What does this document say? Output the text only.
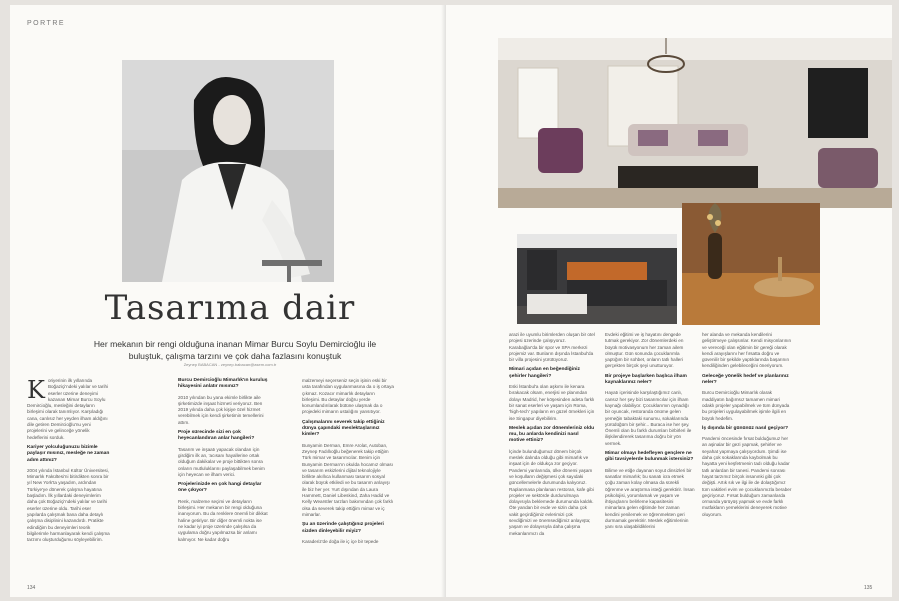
PORTRE
Tasarıma dair
Her mekanın bir rengi olduğuna inanan Mimar Burcu Soylu Demircioğlu ile buluştuk, çalışma tarzını ve çok daha fazlasını konuştuk
Zeynep BABACAN - zeynep.babacan@asem.com.tr

Koriyerinin ilk yıllarında Boğaziçi'ndeki yalılar ve tarihi eserler üzerine deneyimi kazanan Mimar Burcu Soylu Demircioğlu, mesleğini detayların birleşimi olarak tanımlıyor. Karşıladığı cana, canlısız her yeyden ilham aldığını dile getiren Demircioğlu'nu yeni projelerini ve gelinceğe yönelik hedeflerini sorduk.

Kariyer yolculuğunuzu bizimle paylaşır mısınız, mesleğe ne zaman adım attınız?

2004 yılında İstanbul Kültür Üniversitesi, Mimarlık Fakültesi'ni bitirdikten sonra bir yıl New York'ta yaşadım, ardından Türkiye'ye dönerek çalışma hayatına başladım. İlk yıllardaki deneyimlerim daha çok Boğaziçi'ndeki yalılar ve tarihi eserler üzerine oldu. Tarihi eser yapılarda çalışmak bana daha detaylı çalışma disiplinini kazandırdı. Pratikte edindiğim bu deneyimleri teorik bilgilerimle harmanlayarak kendi çalışma tarzımı oluşturduğumu söyleyebilirim.

Burcu Demircioğlu Mimarlık'ın kuruluş hikayesini anlatır mısınız?

2010 yılından bu yana ekimle birlikte aile şirketimizde inşaat hizmeti veriyoruz. Ben 2019 yılında daha çok kişiye özel hizmet verebilmek için kendi şirketimin temellerini attım.

Proje sürecinde sizi en çok heyecanlandıran anlar hangileri?

Tasarım ve inşaatı yapacak olandan için girdiğim ilk an, 'acısanı hayallerine ortak olduğum dakikalar ve proje bittikten sonra onların mutluluklarını paylaşabilmek benim için heyecan ve ilham verici.

Projelerinizde en çok hangi detaylar öne çıkıyor?

Renk, malzeme seçimi ve detayların birleşimi. Her mekanın bir rengi olduğuna inanıyorum. Bu da renklere önemli bir dikkat haline getiriyor. Bir diğer önemli nokta ise ne kadar iyi proje üzerinde çalışılsa da uygulama doğru yapılmazsa bir anlamı kalmıyor. Ne kadar doğru

malzemeyi seçerseniz seçin işinin eski bir usta tarafından uygulanmasına da o iş ortaya çıkmaz. Kozacır mimarlık detayların birleşimi. Bu detaylar doğru yerde konumlandırılarak bütüne ulaşmak da o projedeki mimarın ustalığını yansıtıyor.

Çalışmalarını severek takip ettiğiniz dünya çapındaki meslektaşlarınız kimler?

Bunyamin Derman, Emre Arolat, Autoban, Zeynep Fadıllıoğlu beğenerek takip ettiğim Türk mimar ve tasarımcılar. Benim için Bunyamin Derman'ın okulda hocamız olması ve tasarım eskizlerini dijital teknolojiyle birlikte akıllıca kullanması tasarım sosyal olarak büyük etkiledi ve bu tasarım anlayışı ile biz her yer. Yurt dışından da Laura Hammett, Daniel Libeskind, Zaha Hadid ve Kelly Wearstler tarzları bakımından çok farklı olsa da severek takip ettiğim mimar ve iç mimarlar.

Şu an üzerinde çalıştığınız projeleri sizden dinleyebilir miyiz?

Karaderiz'de doğa ile iç içe bir tepede

134

arazi ile uyumlu birimlerden oluşan bir otel projesi üzerinde çalışıyoruz. Karabağlar'da bir spor ve SPA merkezi projemiz var. Bunların dışında İstanbul'da bir villa projesini yürütüyoruz.

Mimari açıdan en beğendiğiniz şehirler hangileri?

Eski İstanbul'a olan aşkımı ile kenara bırakacak olsam, enerjisi ve planından dolayı Madrid, her köşesinden adeta farklı bir sanat eserleri ve yaşam için Roma, 'high-tech' yapıların en güzel örnekleri için ise Singapur diyebilirim.

Meslek açıdan zor dönemleriniz oldu mu, bu anlarda kendinizi nasıl motive ettiniz?

İçinde bulunduğumuz dönem birçok meslek dalında olduğu gibi mimarlık ve inşaat için de oldukça zor geçiyor. Pandemi yarılarında, ülke dönemi yaşam ve koşulların değişmesi çok sayıdaki güncellemelerle durumunda kalıyoruz. Raplanmasa planlanan restoran, kafe gibi projeler ve sektörde durdurulmaya dolayısıyla beklemede durumunda kaldık. Öte yandan bir evde ve sizin daha çok vakit geçirdiğimiz evlerimizi çok sevdiğimizi ve önemsediğimiz anlayışta; yaşam ve dolayısıyla daha çalışma mekanlarımızı da

Evdeki eğitimi ve iş hayatını dengede tutmak gerekiyor. Zor dönemlerdeki en büyük motivasyonum her zaman ailem olmuştur. Gün sonunda çocuklarımla yaptığım bir sohbet, onların tatlı halleri gerçekten birçok şeyi unutturuyor.

Bir projeye başlarken başlıca ilham kaynaklarınız neler?

Hayatı içerisinde karşılaştığımız canlı, cansız her şey bizi tasarımcılar için ilham kaynağı olabiliyor. Çocuklarımın oynadığı bir oyuncak, restoranda önüme gelen yemeğin tabaktaki sunumu, sokaklarında yürüdüğüm bir şehir... Buraca ise her şey. Önemli olan bu farklı durumları birbirleri ile ilişkilendirerek tasarıma doğru bir yön vermek.

Mimar olmayı hedefleyen gençlere ne gibi tavsiyelerde bulunmak istersiniz?

Bilime ve etiğe dayanan soyut dinsizleri bir sanatlar mimarlık; bu sanatı icra etmek çoğu zaman kolay olmasa da sürekli öğrenme ve araştırma isteği gerektirir. İnsan psikolojisi, yorumlamak ve yaşam ve ihtiyaçlarını belirleme kapasitesini mimarlara gelen eğitimde her zaman kendini yenilemek ve öğrenmekten geri durmamak gerektirir. Meslek eğitimlerinin yanı sıra ulaşabildiklerini

her alanda ve mekanda kendilerini geliştirmeye çalışsınlar. Kendi misyonlarının ve vereceği olan eğitimin bir gereği olarak kendi arayışlarını her fırsatta doğru ve güvenilir bir şekilde yaptıklarında başarının kendiliğinden gelebileceğini öneriyorum.

Geleceğe yönelik hedef ve planlarınız neler?

Burcu Demircioğlu Mimarlık olarak maddiyatın bağımsız tamamen mimari odaklı projeler yapabilmek ve tüm dünyada bu projeleri uygulayabilmek işimle ilgili en büyük hedefim.

İş dışında bir gününüz nasıl geçiyor?

Pandemi öncesinde fırsat bulduğumuz her an aşinalar bir gezi yapmak, şehirler ve seyahat yapmaya çalışıyordum. Şimdi ise daha çok sokaklarında kaybolmak bu hayatta yeni keşfetmenin tadı olduğu kadar tatlı anlardan bir tanesi. Pandemi sonrası hayat tarzımız birçok insanınki gibi çok değişti. Artık sık ve ilgi ile de dolaştığımız tüm vakitleri evim ve çocuklarımızla beraber geçiriyoruz. Fırsat bulduğum zamanlarda ormanda yürüyüş yapmak ve evde farklı mutfakların yemeklerini deneyerek motive oluyorum.

135
